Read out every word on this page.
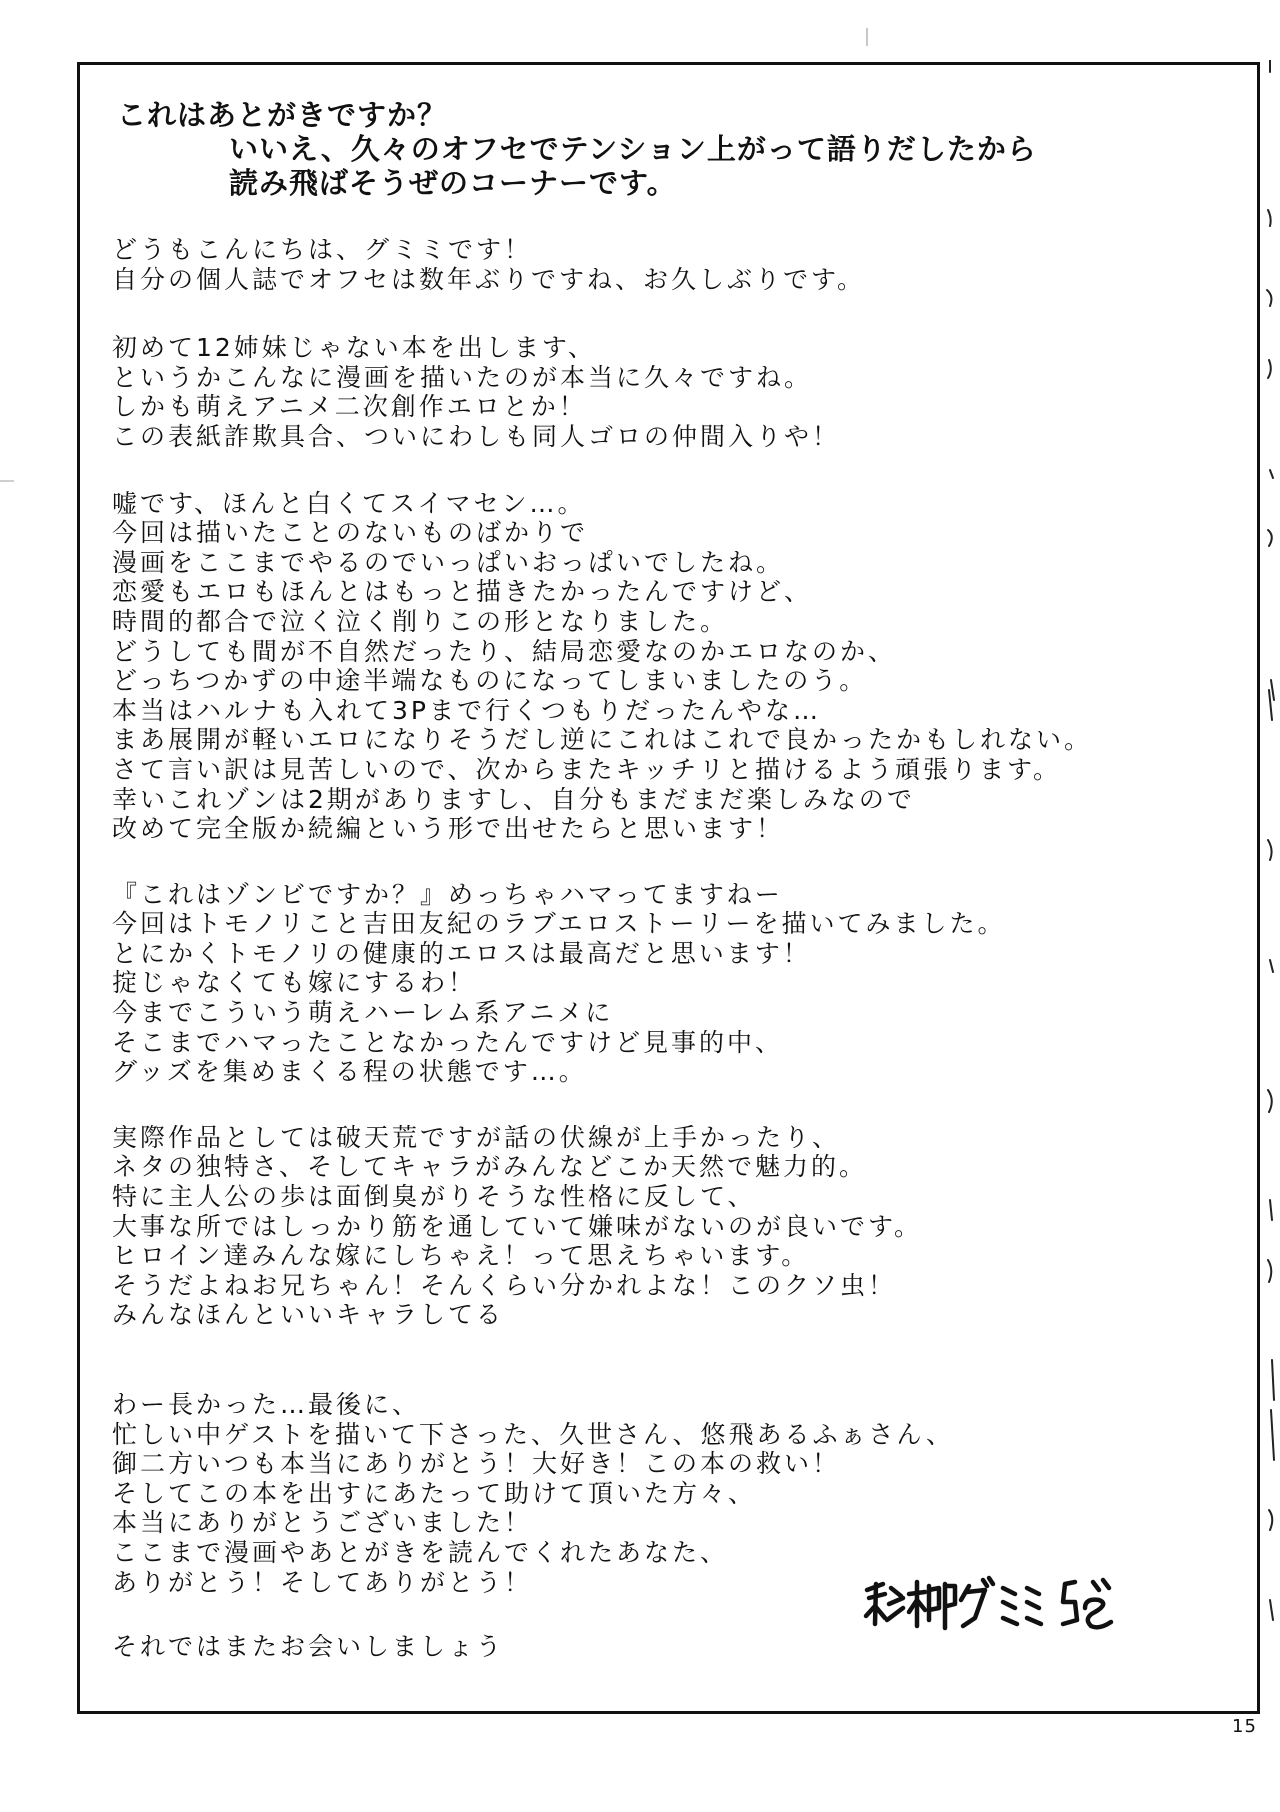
これはあとがきですか？
いいえ、久々のオフセでテンション上がって語りだしたから
読み飛ばそうぜのコーナーです。
どうもこんにちは、グミミです！
自分の個人誌でオフセは数年ぶりですね、お久しぶりです。
初めて12姉妹じゃない本を出します、
というかこんなに漫画を描いたのが本当に久々ですね。
しかも萌えアニメ二次創作エロとか！
この表紙詐欺具合、ついにわしも同人ゴロの仲間入りや！
嘘です、ほんと白くてスイマセン…。
今回は描いたことのないものばかりで
漫画をここまでやるのでいっぱいおっぱいでしたね。
恋愛もエロもほんとはもっと描きたかったんですけど、
時間的都合で泣く泣く削りこの形となりました。
どうしても間が不自然だったり、結局恋愛なのかエロなのか、
どっちつかずの中途半端なものになってしまいましたのう。
本当はハルナも入れて3Pまで行くつもりだったんやな…
まあ展開が軽いエロになりそうだし逆にこれはこれで良かったかもしれない。
さて言い訳は見苦しいので、次からまたキッチリと描けるよう頑張ります。
幸いこれゾンは2期がありますし、自分もまだまだ楽しみなので
改めて完全版か続編という形で出せたらと思います！
『これはゾンビですか？』めっちゃハマってますねー
今回はトモノリこと吉田友紀のラブエロストーリーを描いてみました。
とにかくトモノリの健康的エロスは最高だと思います！
掟じゃなくても嫁にするわ！
今までこういう萌えハーレム系アニメに
そこまでハマったことなかったんですけど見事的中、
グッズを集めまくる程の状態です…。
実際作品としては破天荒ですが話の伏線が上手かったり、
ネタの独特さ、そしてキャラがみんなどこか天然で魅力的。
特に主人公の歩は面倒臭がりそうな性格に反して、
大事な所ではしっかり筋を通していて嫌味がないのが良いです。
ヒロイン達みんな嫁にしちゃえ！って思えちゃいます。
そうだよねお兄ちゃん！そんくらい分かれよな！このクソ虫！
みんなほんといいキャラしてる
わー長かった…最後に、
忙しい中ゲストを描いて下さった、久世さん、悠飛あるふぁさん、
御二方いつも本当にありがとう！大好き！この本の救い！
そしてこの本を出すにあたって助けて頂いた方々、
本当にありがとうございました！
ここまで漫画やあとがきを読んでくれたあなた、
ありがとう！そしてありがとう！
それではまたお会いしましょう
15
